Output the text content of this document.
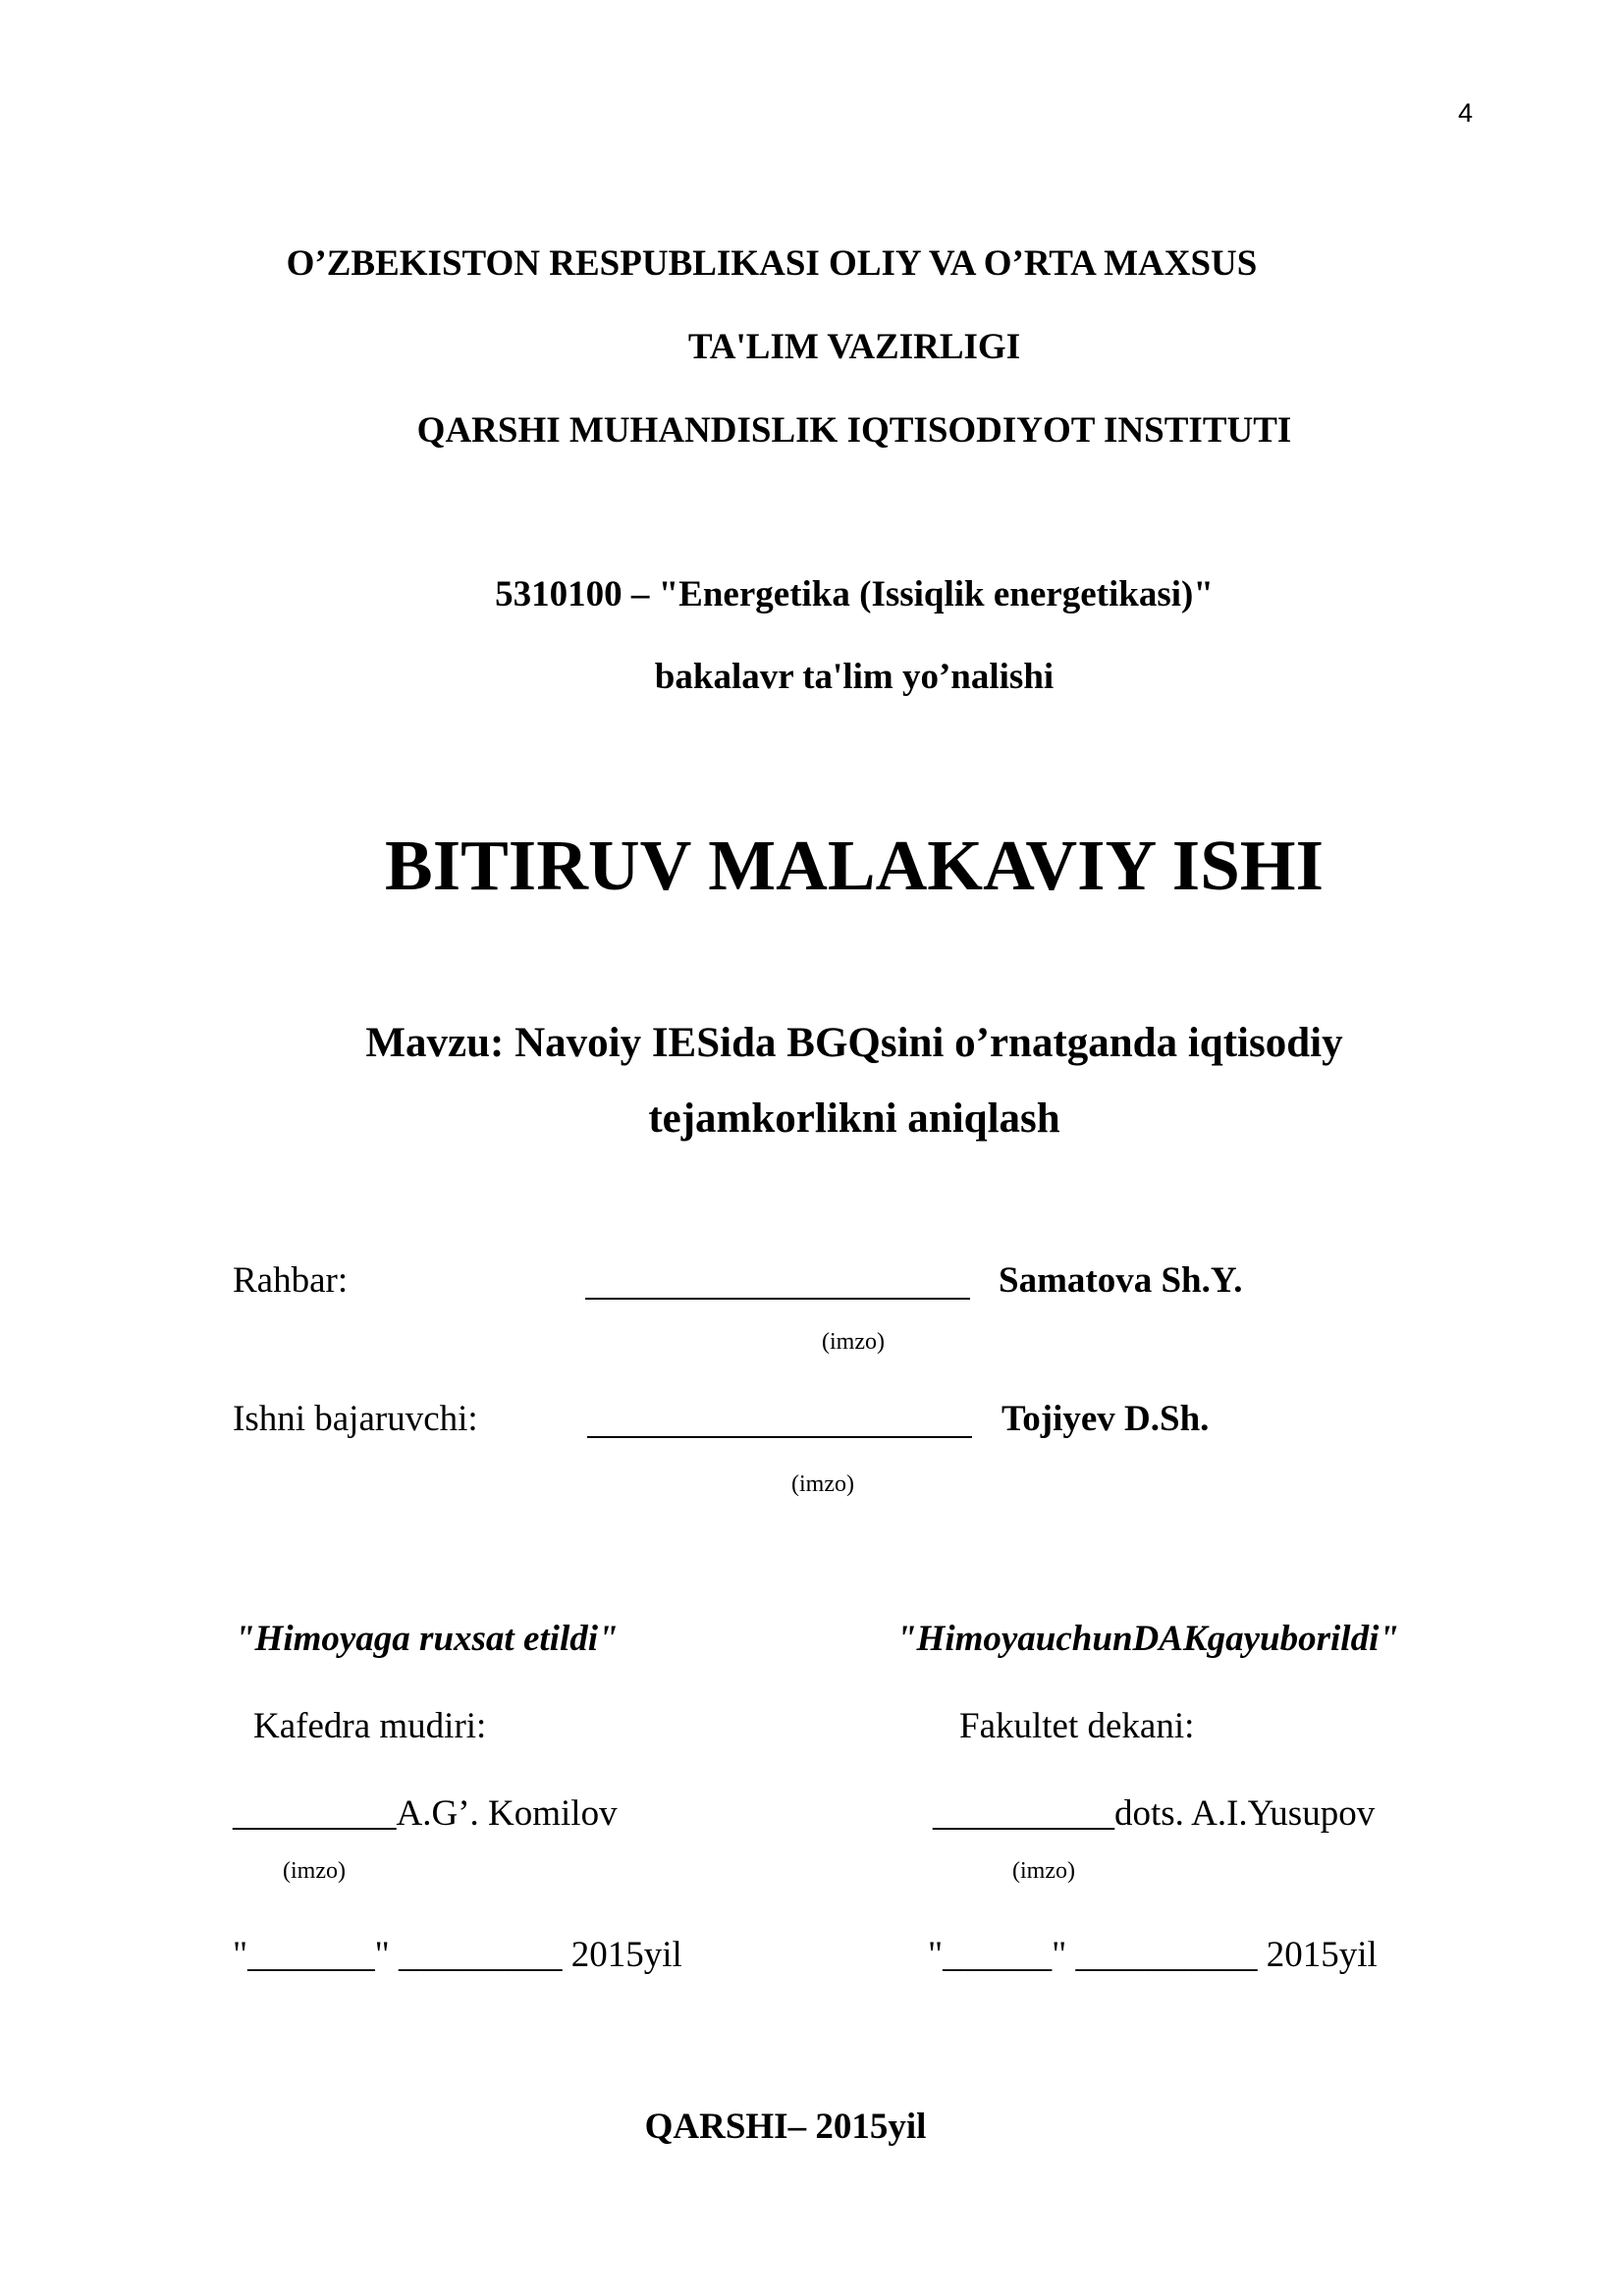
4
O’ZBEKISTON RESPUBLIKASI OLIY VA O’RTA MAXSUS
TA'LIM VAZIRLIGI
QARSHI MUHANDISLIK IQTISODIYOT INSTITUTI
5310100 – "Energetika (Issiqlik energetikasi)"
bakalavr ta'lim yo’nalishi
BITIRUV MALAKAVIY ISHI
Mavzu: Navoiy IESida BGQsini o’rnatganda iqtisodiy
tejamkorlikni aniqlash
Rahbar:	Samatova Sh.Y.
(imzo)
Ishni bajaruvchi:	Tojiyev D.Sh.
(imzo)
"Himoyaga ruxsat etildi"
Kafedra mudiri:
_________A.G’. Komilov
(imzo)
"_______" _________ 2015yil
"HimoyauchunDAKgayuborildi"
Fakultet dekani:
__________dots. A.I.Yusupov
(imzo)
"______" __________ 2015yil
QARSHI– 2015yil
